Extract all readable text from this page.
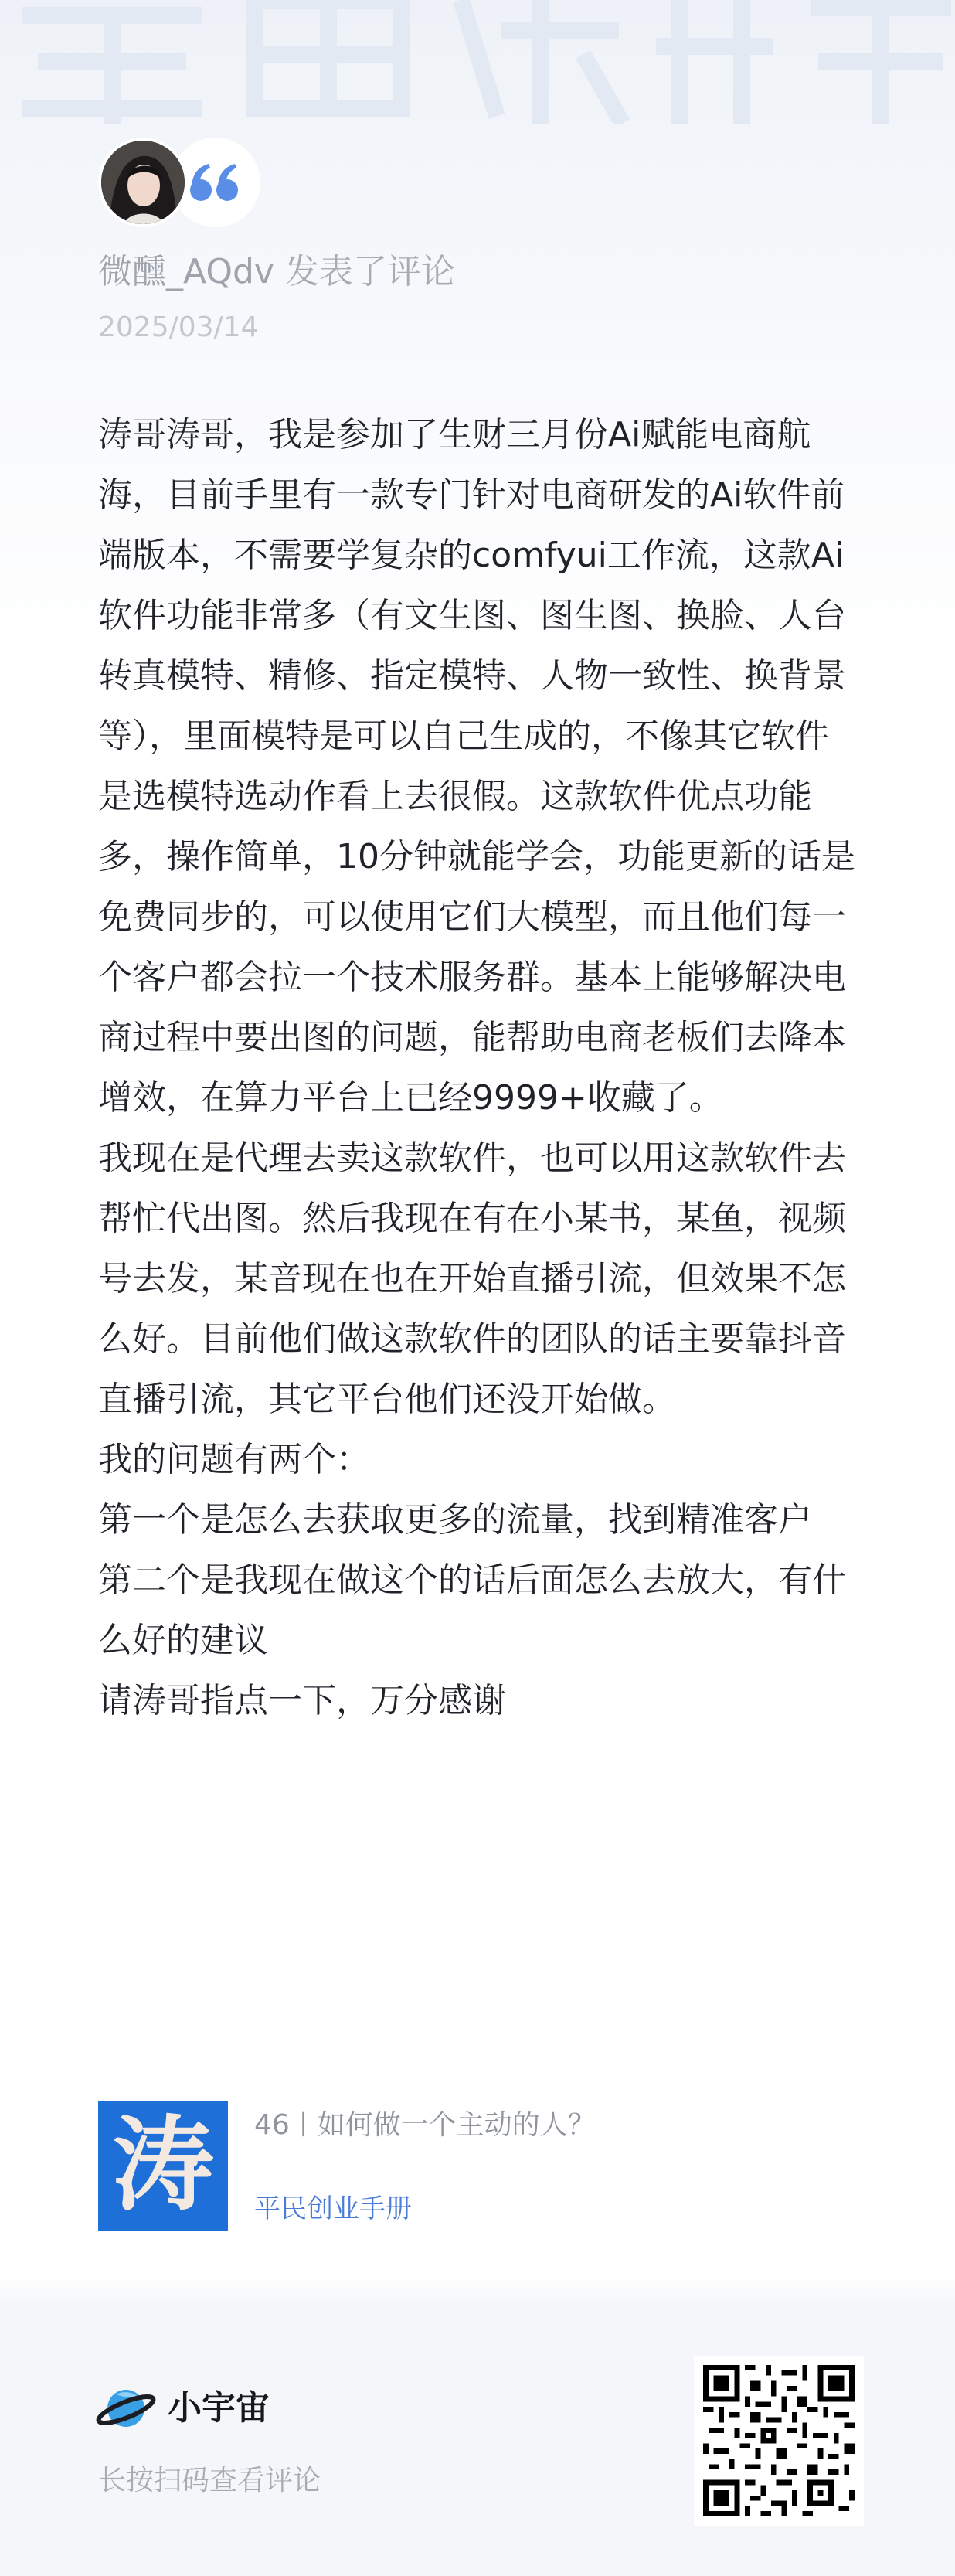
微醺_AQdv 发表了评论
2025/03/14

涛哥涛哥，我是参加了生财三月份Ai赋能电商航海，目前手里有一款专门针对电商研发的Ai软件前端版本，不需要学复杂的comfyui工作流，这款Ai软件功能非常多（有文生图、图生图、换脸、人台转真模特、精修、指定模特、人物一致性、换背景等），里面模特是可以自己生成的，不像其它软件是选模特选动作看上去很假。这款软件优点功能多，操作简单，10分钟就能学会，功能更新的话是免费同步的，可以使用它们大模型，而且他们每一个客户都会拉一个技术服务群。基本上能够解决电商过程中要出图的问题，能帮助电商老板们去降本增效，在算力平台上已经9999+收藏了。

我现在是代理去卖这款软件，也可以用这款软件去帮忙代出图。然后我现在有在小某书，某鱼，视频号去发，某音现在也在开始直播引流，但效果不怎么好。目前他们做这款软件的团队的话主要靠抖音直播引流，其它平台他们还没开始做。

我的问题有两个：

第一个是怎么去获取更多的流量，找到精准客户

第二个是我现在做这个的话后面怎么去放大，有什么好的建议

请涛哥指点一下，万分感谢

涛 46丨如何做一个主动的人？
平民创业手册
小宇宙
长按扫码查看评论
